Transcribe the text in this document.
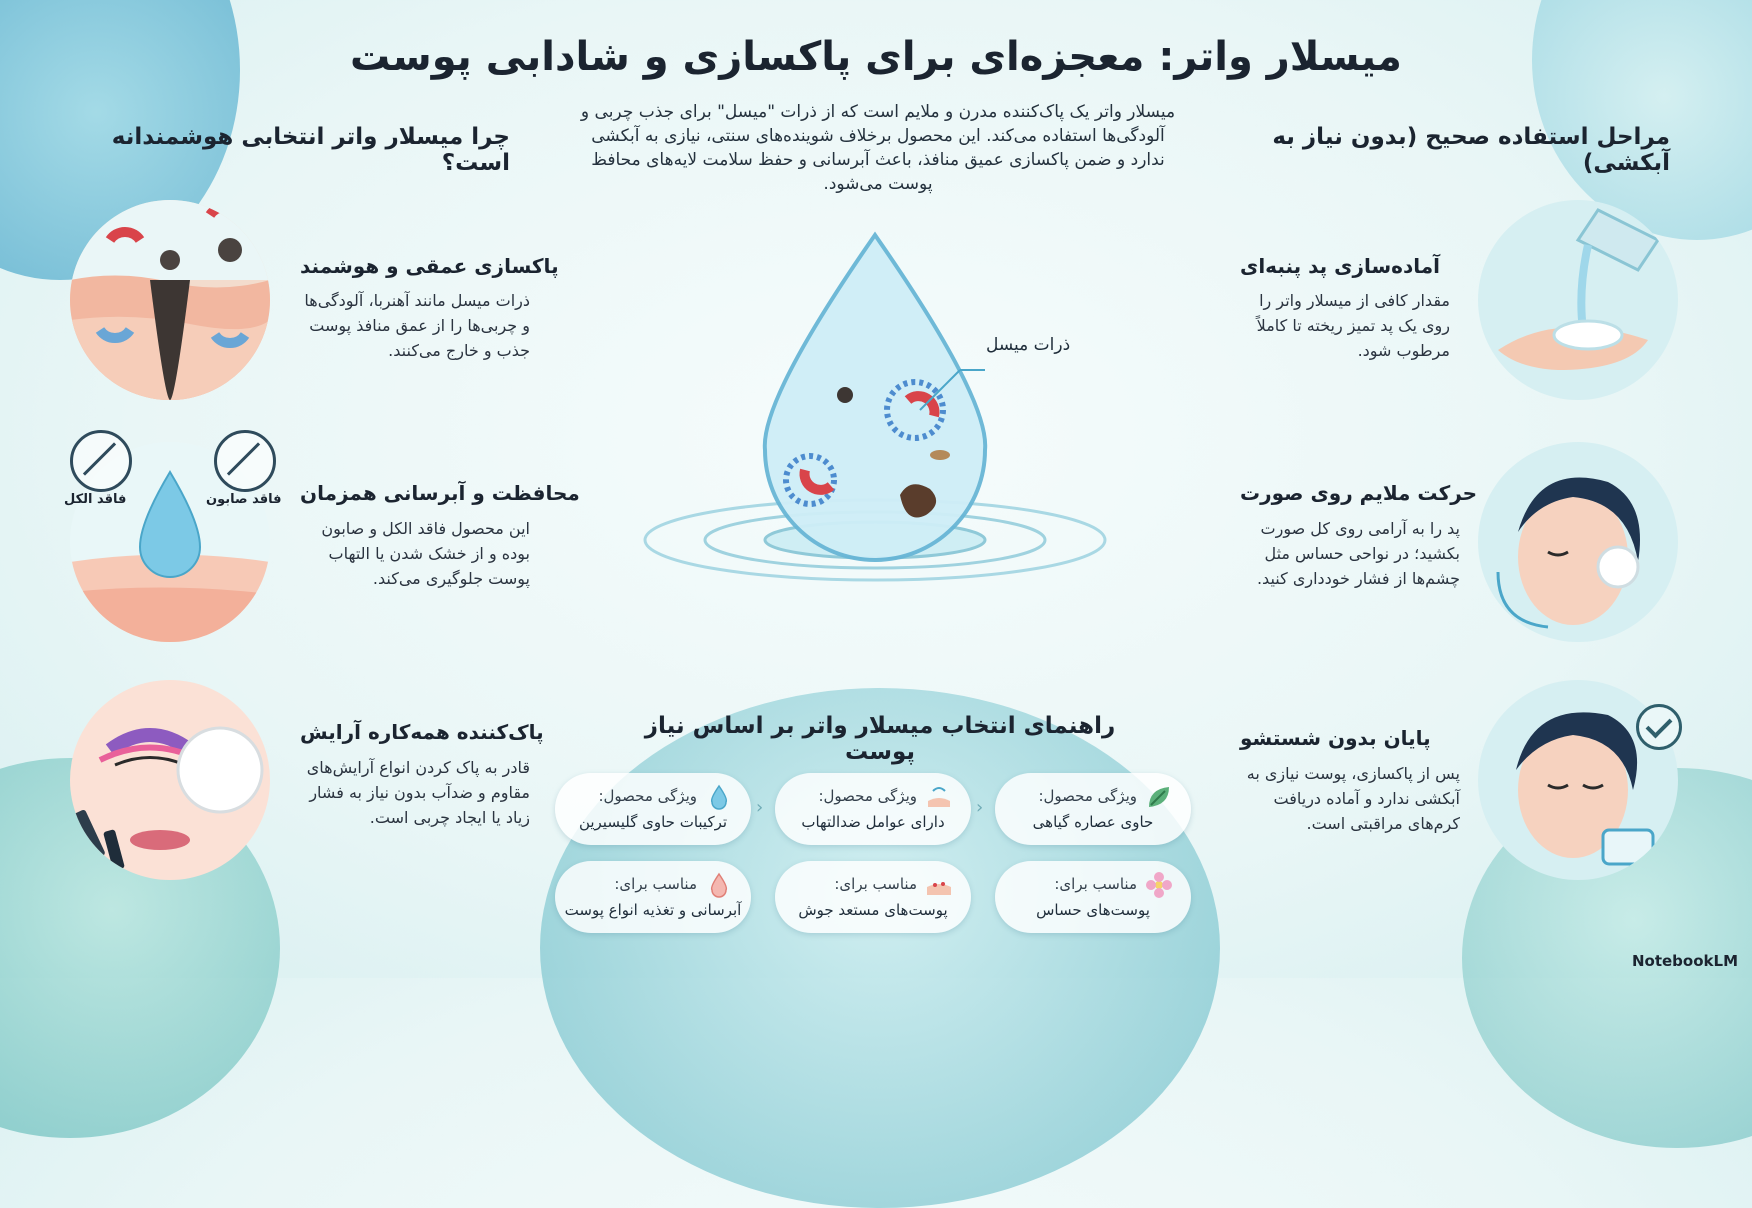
میسلار واتر: معجزه‌ای برای پاکسازی و شادابی پوست
میسلار واتر یک پاک‌کننده مدرن و ملایم است که از ذرات "میسل" برای جذب چربی و آلودگی‌ها استفاده می‌کند. این محصول برخلاف شوینده‌های سنتی، نیازی به آبکشی ندارد و ضمن پاکسازی عمیق منافذ، باعث آبرسانی و حفظ سلامت لایه‌های محافظ پوست می‌شود.
چرا میسلار واتر انتخابی هوشمندانه است؟
مراحل استفاده صحیح (بدون نیاز به آبکشی)
پاکسازی عمقی و هوشمند
ذرات میسل مانند آهنربا، آلودگی‌ها و چربی‌ها را از عمق منافذ پوست جذب و خارج می‌کنند.
فاقد الکل	فاقد صابون محافظت و آبرسانی همزمان
این محصول فاقد الکل و صابون بوده و از خشک شدن یا التهاب پوست جلوگیری می‌کند.
پاک‌کننده همه‌کاره آرایش
قادر به پاک کردن انواع آرایش‌های مقاوم و ضدآب بدون نیاز به فشار زیاد یا ایجاد چربی است.
ذرات میسل
آماده‌سازی پد پنبه‌ای
مقدار کافی از میسلار واتر را روی یک پد تمیز ریخته تا کاملاً مرطوب شود.
حرکت ملایم روی صورت
پد را به آرامی روی کل صورت بکشید؛ در نواحی حساس مثل چشم‌ها از فشار خودداری کنید.
پایان بدون شستشو
پس از پاکسازی، پوست نیازی به آبکشی ندارد و آماده دریافت کرم‌های مراقبتی است.
راهنمای انتخاب میسلار واتر بر اساس نیاز پوست
ویژگی محصول:
حاوی عصاره گیاهی
ویژگی محصول:
دارای عوامل ضدالتهاب
ویژگی محصول:
ترکیبات حاوی گلیسیرین
‹
‹
مناسب برای:
پوست‌های حساس
مناسب برای:
پوست‌های مستعد جوش
مناسب برای:
آبرسانی و تغذیه انواع پوست
NotebookLM
